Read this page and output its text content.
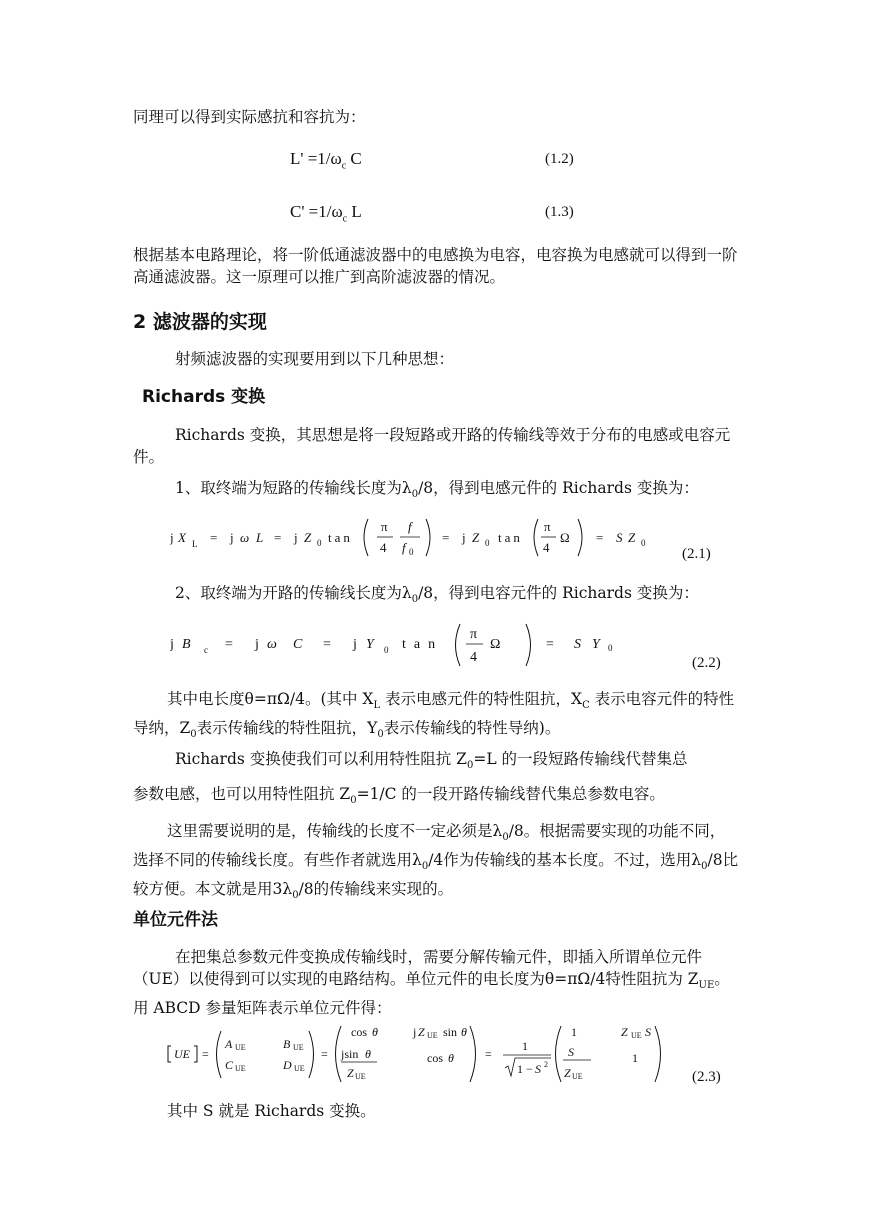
同理可以得到实际感抗和容抗为：
$L' =1/\omega_c$ C	(1.2)
$C' =1/\omega_c$ L	(1.3)
根据基本电路理论，将一阶低通滤波器中的电感换为电容，电容换为电感就可以得到一阶高通滤波器。这一原理可以推广到高阶滤波器的情况。
2 滤波器的实现
射频滤波器的实现要用到以下几种思想：
Richards 变换
Richards 变换，其思想是将一段短路或开路的传输线等效于分布的电感或电容元件。
1、取终端为短路的传输线长度为$\lambda_0/8$，得到电感元件的 Richards 变换为：
j X L = j ω L = j Z 0 tan
π
4
f
f 0
= j Z 0 tan
π
4
Ω = S Z 0
(2.1)
2、取终端为开路的传输线长度为$\lambda_0/8$，得到电容元件的 Richards 变换为：
j B c = j ω C = j Y 0 tan
π
4
Ω	= S Y 0
(2.2)
其中电长度θ=πΩ/4。(其中 $X_L$ 表示电感元件的特性阻抗，$X_C$ 表示电容元件的特性导纳，$Z_0$表示传输线的特性阻抗，$Y_0$表示传输线的特性导纳)。
Richards 变换使我们可以利用特性阻抗 $Z_0=L$ 的一段短路传输线代替集总
参数电感，也可以用特性阻抗 $Z_0=1/C$ 的一段开路传输线替代集总参数电容。
这里需要说明的是，传输线的长度不一定必须是$\lambda_0/8$。根据需要实现的功能不同，选择不同的传输线长度。有些作者就选用$\lambda_0/4$作为传输线的基本长度。不过，选用$\lambda_0/8$比较方便。本文就是用$3\lambda_0/8$的传输线来实现的。
单位元件法
在把集总参数元件变换成传输线时，需要分解传输元件，即插入所谓单位元件（UE）以使得到可以实现的电路结构。单位元件的电长度为θ=πΩ/4特性阻抗为 $Z_{UE}$。用 ABCD 参量矩阵表示单位元件得：
UE =
A UE
C UE
B UE
D UE
=
cos θ
jsin θ
Z UE
j Z UE sin θ
cos θ	=
1
1 − S 2
1	Z UE S
S
Z UE
1
(2.3)
其中 S 就是 Richards 变换。
